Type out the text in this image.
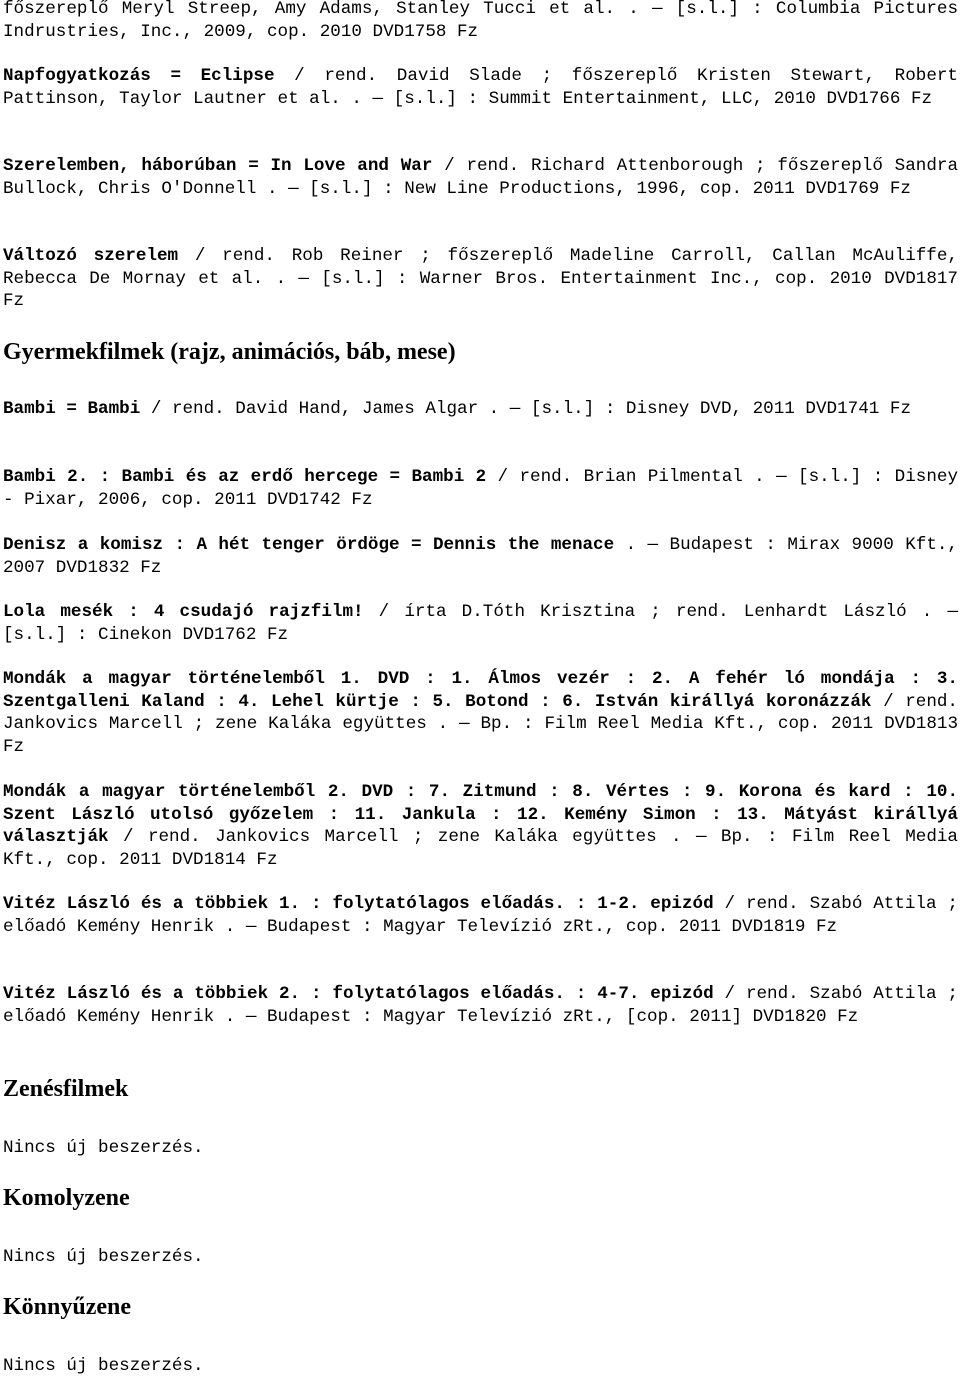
főszereplő Meryl Streep, Amy Adams, Stanley Tucci et al. . — [s.l.] : Columbia Pictures Indrustries, Inc., 2009, cop. 2010 DVD1758 Fz

Napfogyatkozás = Eclipse / rend. David Slade ; főszereplő Kristen Stewart, Robert Pattinson, Taylor Lautner et al. . — [s.l.] : Summit Entertainment, LLC, 2010 DVD1766 Fz

Szerelemben, háborúban = In Love and War / rend. Richard Attenborough ; főszereplő Sandra Bullock, Chris O'Donnell . — [s.l.] : New Line Productions, 1996, cop. 2011 DVD1769 Fz

Változó szerelem / rend. Rob Reiner ; főszereplő Madeline Carroll, Callan McAuliffe, Rebecca De Mornay et al. . — [s.l.] : Warner Bros. Entertainment Inc., cop. 2010 DVD1817 Fz

Gyermekfilmek (rajz, animációs, báb, mese)

Bambi = Bambi / rend. David Hand, James Algar . — [s.l.] : Disney DVD, 2011 DVD1741 Fz

Bambi 2. : Bambi és az erdő hercege = Bambi 2 / rend. Brian Pilmental . — [s.l.] : Disney - Pixar, 2006, cop. 2011 DVD1742 Fz

Denisz a komisz : A hét tenger ördöge = Dennis the menace . — Budapest : Mirax 9000 Kft., 2007 DVD1832 Fz

Lola mesék : 4 csudajó rajzfilm! / írta D.Tóth Krisztina ; rend. Lenhardt László . — [s.l.] : Cinekon DVD1762 Fz

Mondák a magyar történelemből 1. DVD : 1. Álmos vezér : 2. A fehér ló mondája : 3. Szentgalleni Kaland : 4. Lehel kürtje : 5. Botond : 6. István királlyá koronázzák / rend. Jankovics Marcell ; zene Kaláka együttes . — Bp. : Film Reel Media Kft., cop. 2011 DVD1813 Fz

Mondák a magyar történelemből 2. DVD : 7. Zitmund : 8. Vértes : 9. Korona és kard : 10. Szent László utolsó győzelem : 11. Jankula : 12. Kemény Simon : 13. Mátyást királlyá választják / rend. Jankovics Marcell ; zene Kaláka együttes . — Bp. : Film Reel Media Kft., cop. 2011 DVD1814 Fz

Vitéz László és a többiek 1. : folytatólagos előadás. : 1-2. epizód / rend. Szabó Attila ; előadó Kemény Henrik . — Budapest : Magyar Televízió zRt., cop. 2011 DVD1819 Fz

Vitéz László és a többiek 2. : folytatólagos előadás. : 4-7. epizód / rend. Szabó Attila ; előadó Kemény Henrik . — Budapest : Magyar Televízió zRt., [cop. 2011] DVD1820 Fz

Zenésfilmek

Nincs új beszerzés.

Komolyzene

Nincs új beszerzés.

Könnyűzene

Nincs új beszerzés.
